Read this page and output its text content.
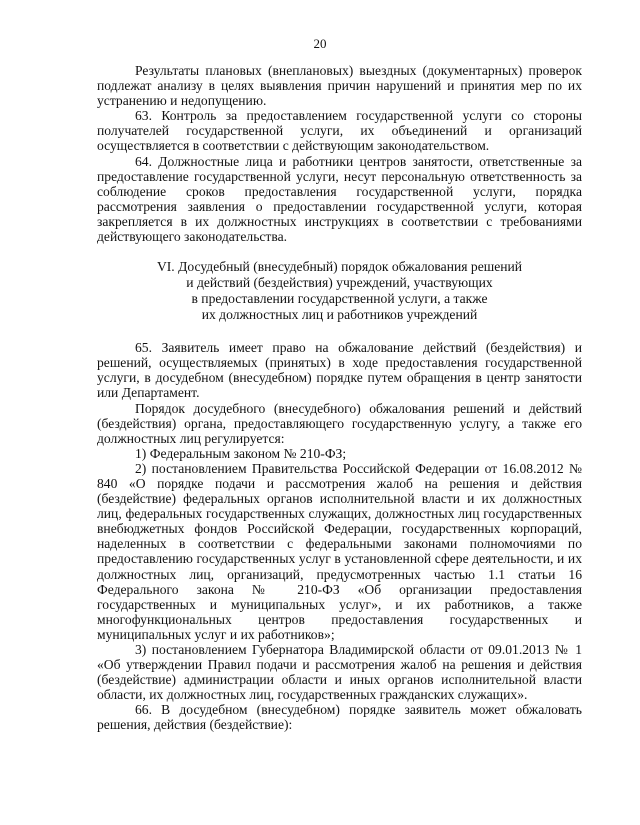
20

Результаты плановых (внеплановых) выездных (документарных) проверок подлежат анализу в целях выявления причин нарушений и принятия мер по их устранению и недопущению.

63. Контроль за предоставлением государственной услуги со стороны получателей государственной услуги, их объединений и организаций осуществляется в соответствии с действующим законодательством.

64. Должностные лица и работники центров занятости, ответственные за предоставление государственной услуги, несут персональную ответственность за соблюдение сроков предоставления государственной услуги, порядка рассмотрения заявления о предоставлении государственной услуги, которая закрепляется в их должностных инструкциях в соответствии с требованиями действующего законодательства.

VI. Досудебный (внесудебный) порядок обжалования решений
и действий (бездействия) учреждений, участвующих
в предоставлении государственной услуги, а также
их должностных лиц и работников учреждений

65. Заявитель имеет право на обжалование действий (бездействия) и решений, осуществляемых (принятых) в ходе предоставления государственной услуги, в досудебном (внесудебном) порядке путем обращения в центр занятости или Департамент.

Порядок досудебного (внесудебного) обжалования решений и действий (бездействия) органа, предоставляющего государственную услугу, а также его должностных лиц регулируется:

1) Федеральным законом № 210-ФЗ;

2) постановлением Правительства Российской Федерации от 16.08.2012 № 840 «О порядке подачи и рассмотрения жалоб на решения и действия (бездействие) федеральных органов исполнительной власти и их должностных лиц, федеральных государственных служащих, должностных лиц государственных внебюджетных фондов Российской Федерации, государственных корпораций, наделенных в соответствии с федеральными законами полномочиями по предоставлению государственных услуг в установленной сфере деятельности, и их должностных лиц, организаций, предусмотренных частью 1.1 статьи 16 Федерального закона № 210-ФЗ «Об организации предоставления государственных и муниципальных услуг», и их работников, а также многофункциональных центров предоставления государственных и муниципальных услуг и их работников»;

3) постановлением Губернатора Владимирской области от 09.01.2013 № 1 «Об утверждении Правил подачи и рассмотрения жалоб на решения и действия (бездействие) администрации области и иных органов исполнительной власти области, их должностных лиц, государственных гражданских служащих».

66. В досудебном (внесудебном) порядке заявитель может обжаловать решения, действия (бездействие):
